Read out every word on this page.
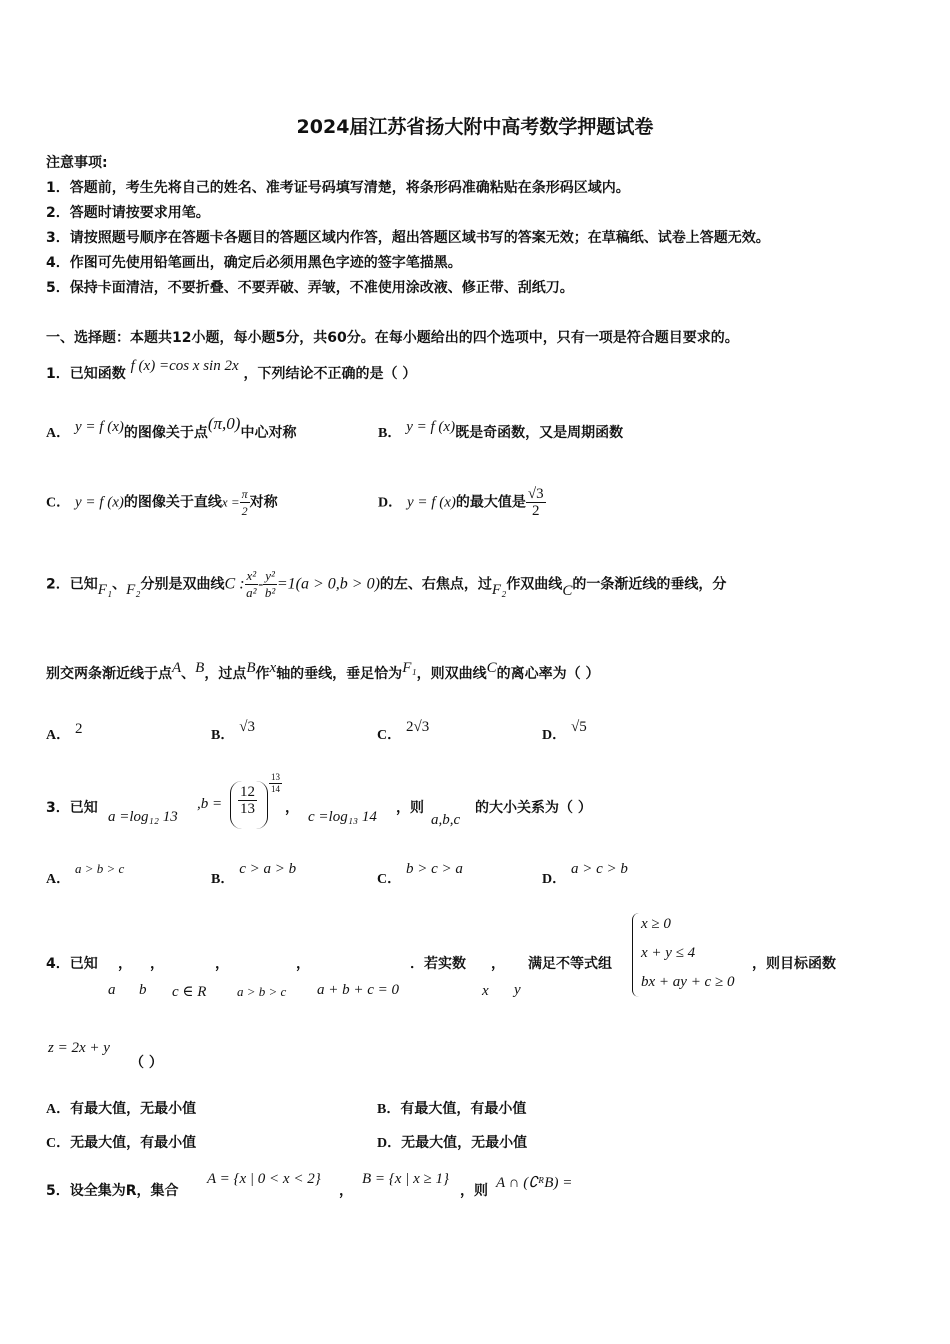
2024届江苏省扬大附中高考数学押题试卷
注意事项:
1．答题前，考生先将自己的姓名、准考证号码填写清楚，将条形码准确粘贴在条形码区域内。
2．答题时请按要求用笔。
3．请按照题号顺序在答题卡各题目的答题区域内作答，超出答题区域书写的答案无效；在草稿纸、试卷上答题无效。
4．作图可先使用铅笔画出，确定后必须用黑色字迹的签字笔描黑。
5．保持卡面清洁，不要折叠、不要弄破、弄皱，不准使用涂改液、修正带、刮纸刀。
一、选择题：本题共12小题，每小题5分，共60分。在每小题给出的四个选项中，只有一项是符合题目要求的。
1．已知函数 f (x) =cos x sin 2x ，下列结论不正确的是（ ）
A． y = f (x)的图像关于点(π,0)中心对称	B． y = f (x)既是奇函数，又是周期函数
C． y = f (x)的图像关于直线$x = \frac{\pi}{2}$ 对称	D． y = f (x)的最大值是 $\frac{√3}{2}$
2．已知F₁、F₂分别是双曲线C : $\frac{\text{x²}}{\text{a²}} - \frac{\text{y²}}{\text{b²}} =1(a > 0,b > 0)$的左、右焦点，过F₂作双曲线C的一条渐近线的垂线，分
别交两条渐近线于点A、B，过点B作x轴的垂线，垂足恰为F₁，则双曲线C的离心率为（ ）
A． 2	B． √3
C． 2√3
D． √5
3．已知
a =log₁₂ 13
$,b = \frac{12}{13}$
$\frac{13}{14}$
，
c =log₁₃ 14
，则
a,b,c
的大小关系为（ ）
A． a > b > c
B． c > a > b
C． b > c > a
D． a > c > b
4．已知 ， ，	，	，	．若实数 ， 满足不等式组
a b c ∈ R a > b > c a + b + c = 0	x y
x ≥ 0
x + y ≤ 4
bx + ay + c ≥ 0
，则目标函数
z = 2x + y
（ ）
A．有最大值，无最小值	B．有最大值，有最小值
C．无最大值，有最小值	D．无最大值，无最小值
5．设全集为R，集合
A = {x | 0 < x < 2}
，
B = {x | x ≥ 1}
，则 A ∩ (∁ᴿB) =
